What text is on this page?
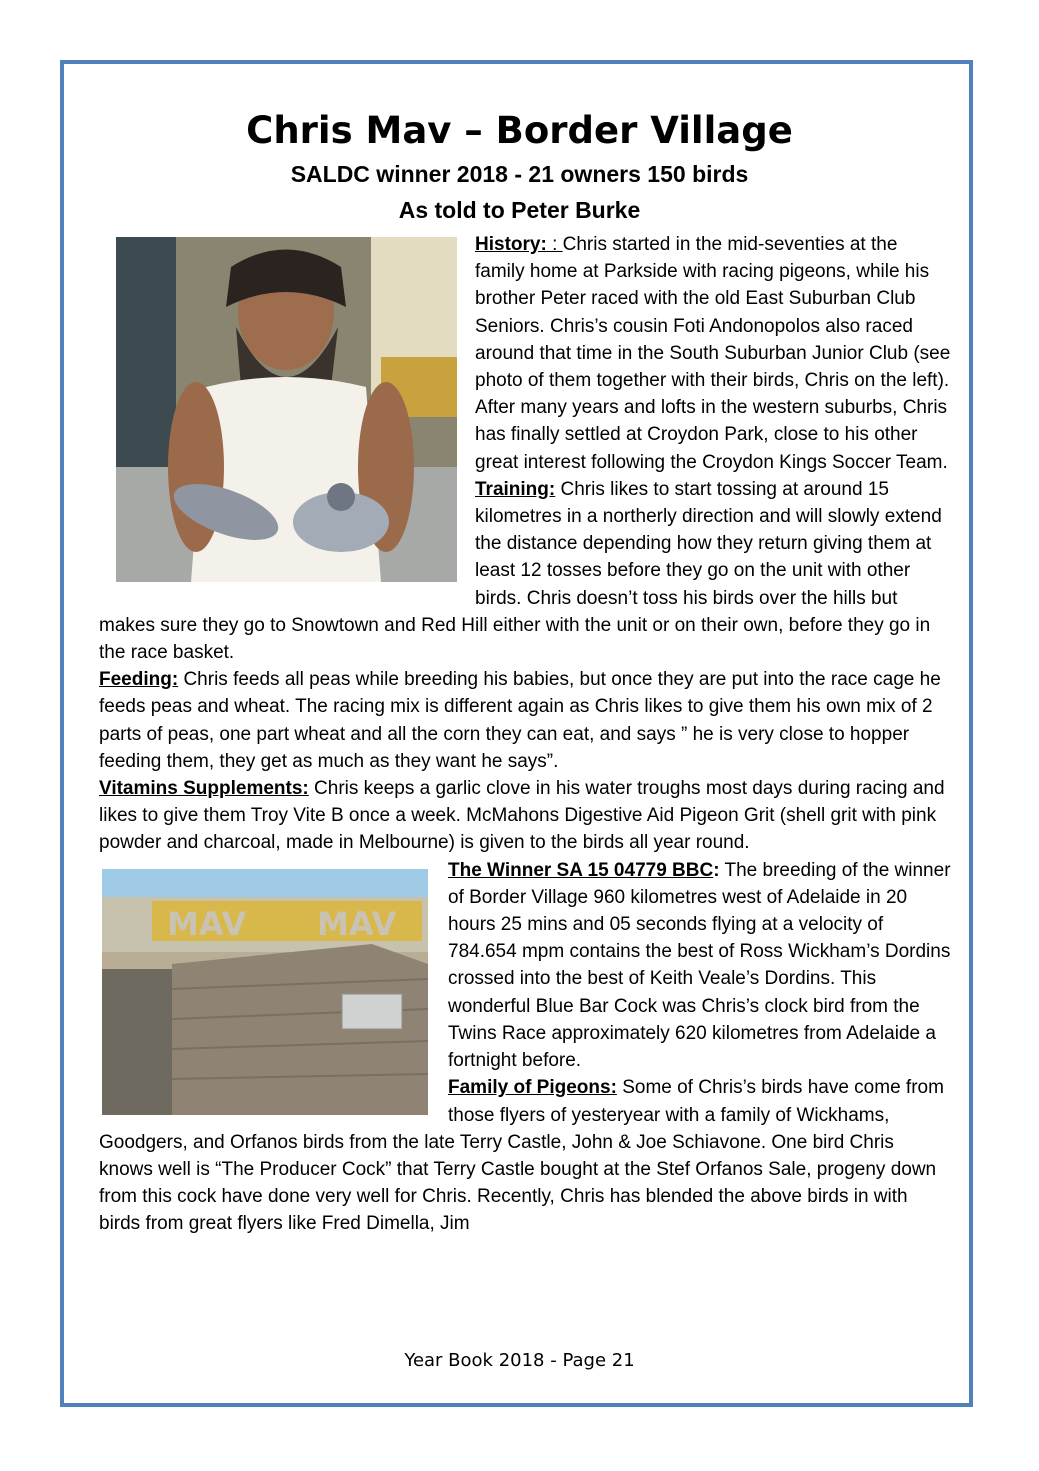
Chris Mav – Border Village
SALDC winner 2018 - 21 owners 150 birds
As told to Peter Burke

History: : Chris started in the mid-seventies at the family home at Parkside with racing pigeons, while his brother Peter raced with the old East Suburban Club Seniors. Chris’s cousin Foti Andonopolos also raced around that time in the South Suburban Junior Club (see photo of them together with their birds, Chris on the left). After many years and lofts in the western suburbs, Chris has finally settled at Croydon Park, close to his other great interest following the Croydon Kings Soccer Team.

Training: Chris likes to start tossing at around 15 kilometres in a northerly direction and will slowly extend the distance depending how they return giving them at least 12 tosses before they go on the unit with other birds. Chris doesn’t toss his birds over the hills but makes sure they go to Snowtown and Red Hill either with the unit or on their own, before they go in the race basket.

Feeding: Chris feeds all peas while breeding his babies, but once they are put into the race cage he feeds peas and wheat. The racing mix is different again as Chris likes to give them his own mix of 2 parts of peas, one part wheat and all the corn they can eat, and says ” he is very close to hopper feeding them, they get as much as they want he says”.

Vitamins Supplements: Chris keeps a garlic clove in his water troughs most days during racing and likes to give them Troy Vite B once a week. McMahons Digestive Aid Pigeon Grit (shell grit with pink powder and charcoal, made in Melbourne) is given to the birds all year round.

MAV MAV

The Winner SA 15 04779 BBC: The breeding of the winner of Border Village 960 kilometres west of Adelaide in 20 hours 25 mins and 05 seconds flying at a velocity of 784.654 mpm contains the best of Ross Wickham’s Dordins crossed into the best of Keith Veale’s Dordins. This wonderful Blue Bar Cock was Chris’s clock bird from the Twins Race approximately 620 kilometres from Adelaide a fortnight before.

Family of Pigeons: Some of Chris’s birds have come from those flyers of yesteryear with a family of Wickhams, Goodgers, and Orfanos birds from the late Terry Castle, John & Joe Schiavone. One bird Chris knows well is “The Producer Cock” that Terry Castle bought at the Stef Orfanos Sale, progeny down from this cock have done very well for Chris. Recently, Chris has blended the above birds in with birds from great flyers like Fred Dimella, Jim

Year Book 2018 - Page 21
